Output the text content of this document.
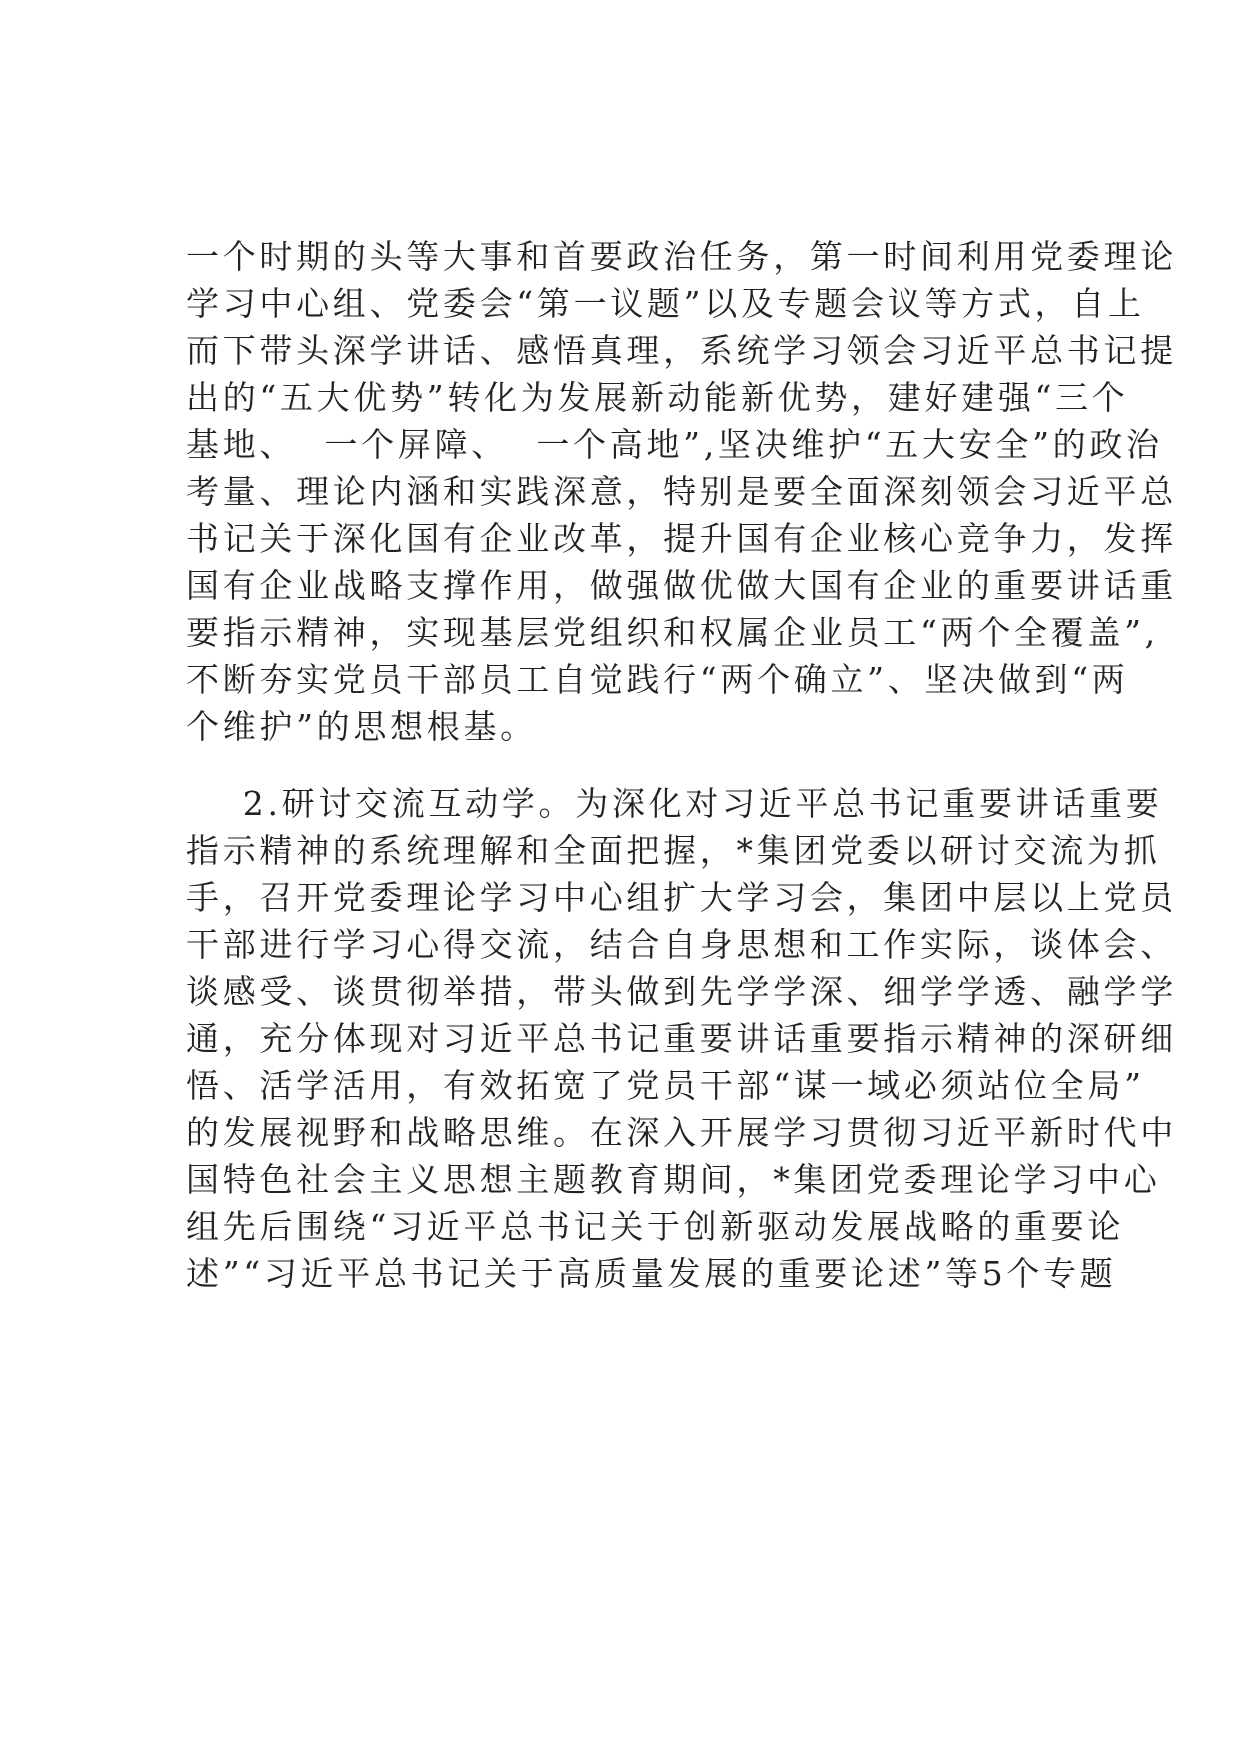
一个时期的头等大事和首要政治任务，第一时间利用党委理论
学习中心组、党委会“第一议题”以及专题会议等方式，自上
而下带头深学讲话、感悟真理，系统学习领会习近平总书记提
出的“五大优势”转化为发展新动能新优势，建好建强“三个
基地、  一个屏障、  一个高地”,坚决维护“五大安全”的政治
考量、理论内涵和实践深意，特别是要全面深刻领会习近平总
书记关于深化国有企业改革，提升国有企业核心竞争力，发挥
国有企业战略支撑作用，做强做优做大国有企业的重要讲话重
要指示精神，实现基层党组织和权属企业员工“两个全覆盖”,
不断夯实党员干部员工自觉践行“两个确立”、坚决做到“两
个维护”的思想根基。
2.研讨交流互动学。为深化对习近平总书记重要讲话重要
指示精神的系统理解和全面把握，*集团党委以研讨交流为抓
手，召开党委理论学习中心组扩大学习会，集团中层以上党员
干部进行学习心得交流，结合自身思想和工作实际，谈体会、
谈感受、谈贯彻举措，带头做到先学学深、细学学透、融学学
通，充分体现对习近平总书记重要讲话重要指示精神的深研细
悟、活学活用，有效拓宽了党员干部“谋一域必须站位全局”
的发展视野和战略思维。在深入开展学习贯彻习近平新时代中
国特色社会主义思想主题教育期间，*集团党委理论学习中心
组先后围绕“习近平总书记关于创新驱动发展战略的重要论
述”“习近平总书记关于高质量发展的重要论述”等5个专题
